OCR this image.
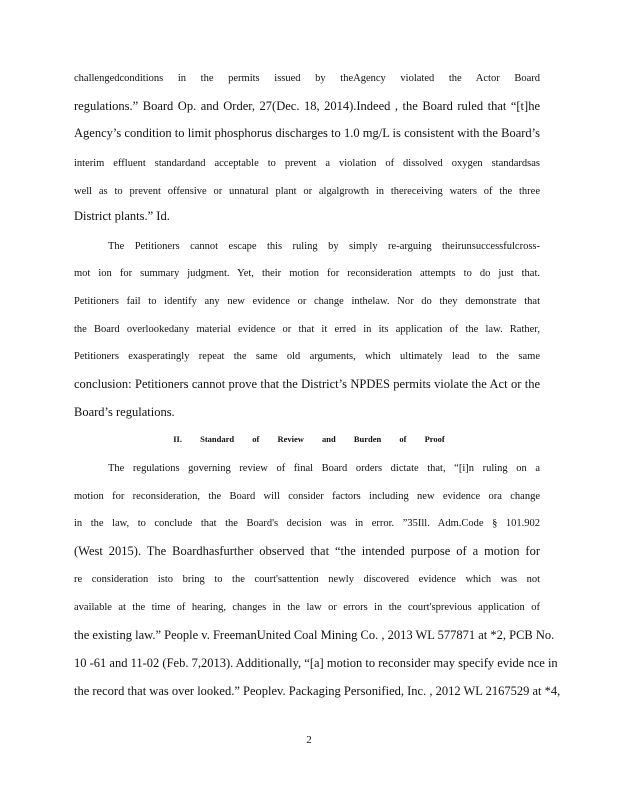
challengedconditions in the permits issued by theAgency violated the Actor Board
regulations.” Board Op. and Order, 27(Dec. 18, 2014).Indeed , the Board ruled that “[t]he
Agency’s condition to limit phosphorus discharges to 1.0 mg/L is consistent with the Board’s
interim effluent standardand acceptable to prevent a violation of dissolved oxygen standardsas
well as to prevent offensive or unnatural plant or algalgrowth in thereceiving waters of the three
District plants.” Id.
The Petitioners cannot escape this ruling by simply re-arguing theirunsuccessfulcross-
mot ion for summary judgment. Yet, their motion for reconsideration attempts to do just that.
Petitioners fail to identify any new evidence or change inthelaw. Nor do they demonstrate that
the Board overlookedany material evidence or that it erred in its application of the law. Rather,
Petitioners exasperatingly repeat the same old arguments, which ultimately lead to the same
conclusion: Petitioners cannot prove that the District’s NPDES permits violate the Act or the
Board’s regulations.
II. Standard of Review and Burden of Proof
The regulations governing review of final Board orders dictate that, “[i]n ruling on a
motion for reconsideration, the Board will consider factors including new evidence ora change
in the law, to conclude that the Board's decision was in error. ”35Ill. Adm.Code § 101.902
(West 2015). The Boardhasfurther observed that “the intended purpose of a motion for
re consideration isto bring to the court'sattention newly discovered evidence which was not
available at the time of hearing, changes in the law or errors in the court'sprevious application of
the existing law.” People v. FreemanUnited Coal Mining Co. , 2013 WL 577871 at *2, PCB No.
10 -61 and 11-02 (Feb. 7,2013). Additionally, “[a] motion to reconsider may specify evide nce in
the record that was over looked.” Peoplev. Packaging Personified, Inc. , 2012 WL 2167529 at *4,
2
